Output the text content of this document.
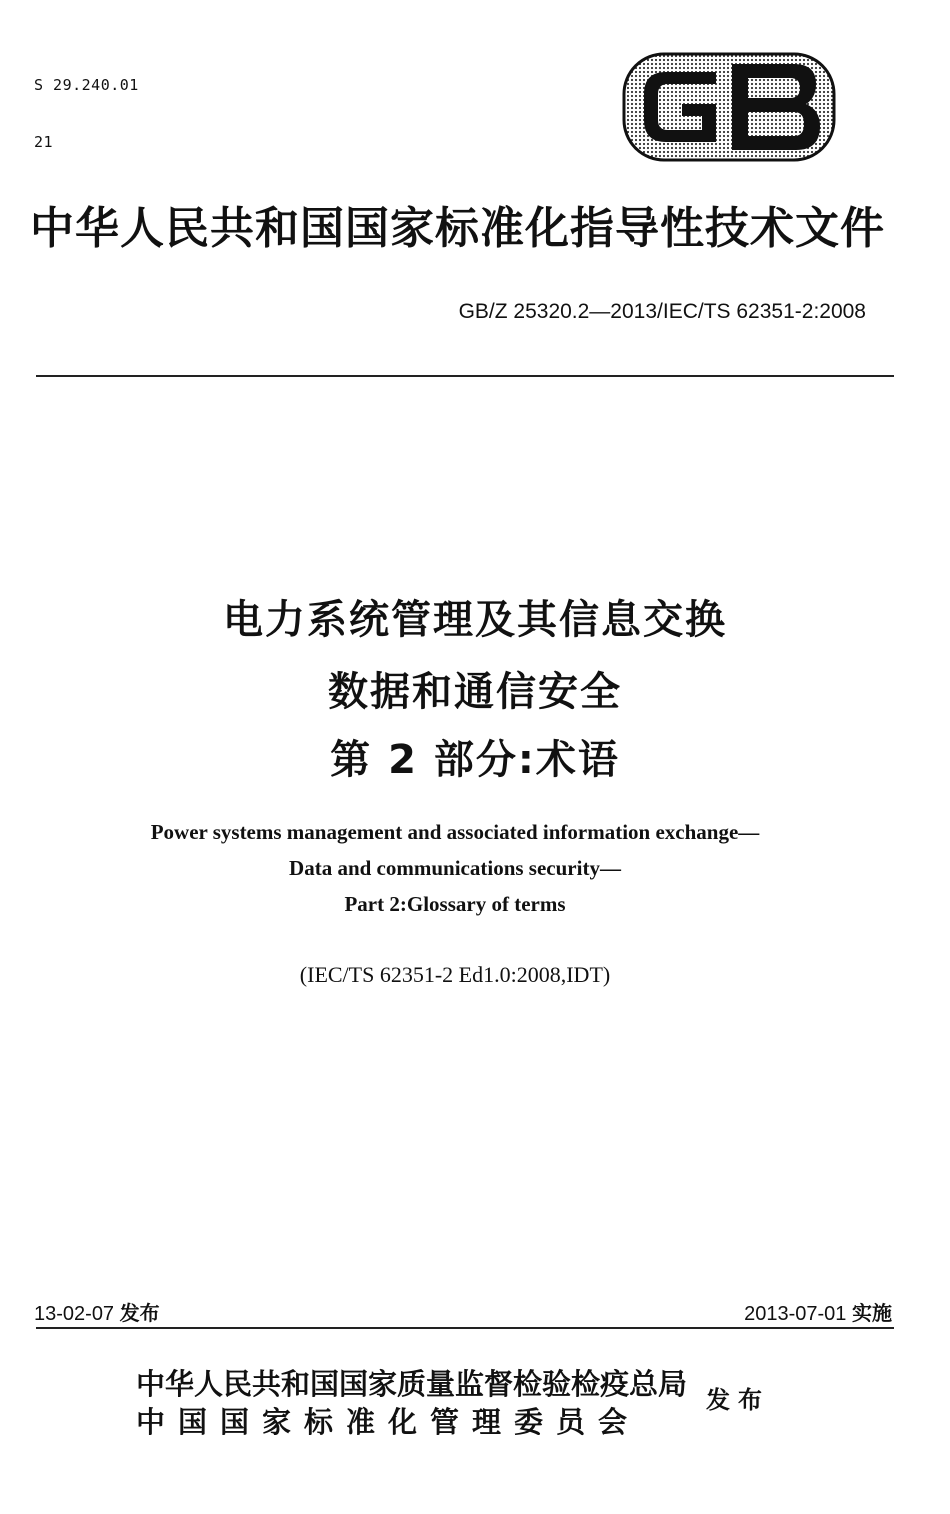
S 29.240.01

21

中华人民共和国国家标准化指导性技术文件
GB/Z 25320.2—2013/IEC/TS 62351-2:2008
电力系统管理及其信息交换
数据和通信安全
第 2 部分:术语
Power systems management and associated information exchange—
Data and communications security—
Part 2:Glossary of terms
(IEC/TS 62351-2 Ed1.0:2008,IDT)
13-02-07 发布	2013-07-01 实施
中华人民共和国国家质量监督检验检疫总局
中国国家标准化管理委员会
发布
